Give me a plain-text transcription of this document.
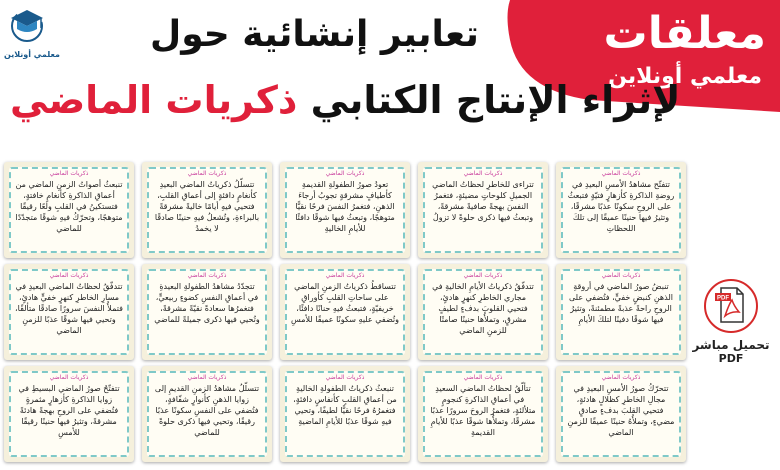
معلمي أونلاين	معلقات
معلمي أونلاين
تعابير إنشائية حول
لإثراء الإنتاج الكتابي ذكريات الماضي
ذكريات الماضي
تتفتّح مشاهدُ الأمسِ البعيدِ في روضةِ الذاكرةِ كأزهارٍ فتيّةٍ فتبعثُ على الروحِ سكونًا عذبًا مشرقًا، وتثيرُ فيها حنينًا عميقًا إلى تلكَ اللحظاتِ
ذكريات الماضي
تتراءى للخاطرِ لحظاتُ الماضي الجميلِ كلوحاتٍ مضيئةٍ، فتغمرُ النفسَ بهجةً صافيةً مشرقةً، وتبعثُ فيها ذكرى حلوةً لا تزولُ
ذكريات الماضي
تعودُ صورُ الطفولةِ القديمةِ كأطيافٍ مشرقةٍ تجوبُ أرجاءَ الذهنِ، فتغمرُ النفسَ فرحًا نقيًّا متوهجًا، وتبعثُ فيها شوقًا دافئًا للأيامِ الخاليةِ
ذكريات الماضي
تتسلّلُ ذكرياتُ الماضي البعيدِ كأنغامٍ دافئةٍ إلى أعماقِ القلبِ، فتحيي فيهِ أيامًا خاليةً مشرقةً بالبراءةِ، وتُشعلُ فيهِ حنينًا صادقًا لا يخمدُ
ذكريات الماضي
تنبعثُ أصواتُ الزمنِ الماضي من أعماقِ الذاكرةِ كأنغامٍ خافتةٍ، فتستكينُ في القلبِ ولعًا رقيقًا متوهجًا، وتحرّكُ فيهِ شوقًا متجدّدًا للماضي
ذكريات الماضي
تنبضُ صورُ الماضي في أروقةِ الذهنِ كنبضٍ خفيٍّ، فتُضفي على الروحِ راحةً عذبةً مطمئنةً، وتثيرُ فيها شوقًا دفينًا لتلكَ الأيامِ
ذكريات الماضي
تتدفّقُ ذكرياتُ الأيامِ الخاليةِ في مجاري الخاطرِ كنهرٍ هادئٍ، فتحيي القلوبَ بدفءٍ لطيفٍ مشرقٍ، وتملأُها حنينًا صامتًا للزمنِ الماضي
ذكريات الماضي
تتساقطُ ذكرياتُ الزمنِ الماضي على ساحاتِ القلبِ كأوراقِ خريفيّةٍ، فتبعثُ فيهِ حنانًا دافئًا، وتُضفي عليهِ سكونًا عميقًا للأمسِ
ذكريات الماضي
تتجدّدُ مشاهدُ الطفولةِ البعيدةِ في أعماقِ النفسِ كضوءٍ ربيعيٍّ، فتغمرُها سعادةً نقيّةً مشرقةً، وتُحيي فيها ذكرى جميلةً للماضي
ذكريات الماضي
تتدفّقُ لحظاتُ الماضي البعيدِ في مسارِ الخاطرِ كنهرٍ خفيٍّ هادئٍ، فتملأُ النفسَ سرورًا صادقًا متألقًا، وتحيي فيها شوقًا عذبًا للزمنِ الماضي
ذكريات الماضي
تتحرّكُ صورُ الأمسِ البعيدِ في مجالِ الخاطرِ كظلالٍ هادئةٍ، فتحيي القلبَ بدفءٍ صادقٍ مضيءٍ، وتملأُهُ حنينًا عميقًا للزمنِ الماضي
ذكريات الماضي
تتألّقُ لحظاتُ الماضي السعيدِ في أعماقِ الذاكرةِ كنجومٍ متلألئةٍ، فتغمرُ الروحَ سرورًا عذبًا مشرقًا، وتملأُها شوقًا عذبًا للأيامِ القديمةِ
ذكريات الماضي
تنبعثُ ذكرياتُ الطفولةِ الخاليةِ من أعماقِ القلبِ كأنفاسٍ دافئةٍ، فتغمرُهُ فرحًا نقيًّا لطيفًا، وتحيي فيهِ شوقًا عذبًا للأيامِ الماضيةِ
ذكريات الماضي
تتسلّلُ مشاهدُ الزمنِ القديمِ إلى زوايا الذهنِ كأنوارٍ شفّافةٍ، فتُضفي على النفسِ سكونًا عذبًا رقيقًا، وتحيي فيها ذكرى حلوةً للماضي
ذكريات الماضي
تتفتّحُ صورُ الماضي البسيطِ في زوايا الذاكرةِ كأزهارٍ مثمرةٍ فتُضفي على الروحِ بهجةً هادئةً مشرقةً، وتثيرُ فيها حنينًا رقيقًا للأمسِ
PDF
تحميل مباشر
PDF
